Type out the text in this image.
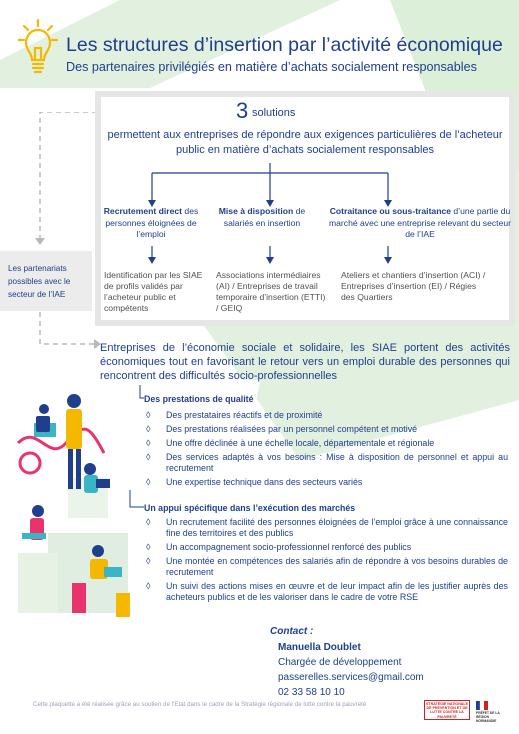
Les structures d’insertion par l’activité économique
Des partenaires privilégiés en matière d’achats socialement responsables
3 solutions
permettent aux entreprises de répondre aux exigences particulières de l’acheteur public en matière d’achats socialement responsables
Recrutement direct des personnes éloignées de l’emploi
Mise à disposition de salariés en insertion
Cotraitance ou sous-traitance d’une partie du marché avec une entreprise relevant du secteur de l’IAE
Identification par les SIAE de profils validés par l’acheteur public et compétents
Associations intermédiaires (AI) / Entreprises de travail temporaire d’insertion (ETTI) / GEIQ
Ateliers et chantiers d’insertion (ACI) / Entreprises d’insertion (EI) / Régies des Quartiers
Les partenariats possibles avec le secteur de l’IAE
Entreprises de l’économie sociale et solidaire, les SIAE portent des activités économiques tout en favorisant le retour vers un emploi durable des personnes qui rencontrent des difficultés socio-professionnelles
Des prestations de qualité
◊ Des prestataires réactifs et de proximité
◊ Des prestations réalisées par un personnel compétent et motivé
◊ Une offre déclinée à une échelle locale, départementale et régionale
◊ Des services adaptés à vos besoins : Mise à disposition de personnel et appui au recrutement
◊ Une expertise technique dans des secteurs variés
Un appui spécifique dans l’exécution des marchés
◊ Un recrutement facilité des personnes éloignées de l’emploi grâce à une connaissance fine des territoires et des publics
◊ Un accompagnement socio-professionnel renforcé des publics
◊ Une montée en compétences des salariés afin de répondre à vos besoins durables de recrutement
◊ Un suivi des actions mises en œuvre et de leur impact afin de les justifier auprès des acheteurs publics et de les valoriser dans le cadre de votre RSE
Contact :
Manuella Doublet
Chargée de développement
passerelles.services@gmail.com
02 33 58 10 10
Cette plaquette a été réalisée grâce au soutien de l’Etat dans le cadre de la Stratégie régionale de lutte contre la pauvreté	STRATÉGIE NATIONALE DE PRÉVENTION ET DE LUTTE CONTRE LA PAUVRETÉ
PRÉFET DE LA RÉGION NORMANDIE
